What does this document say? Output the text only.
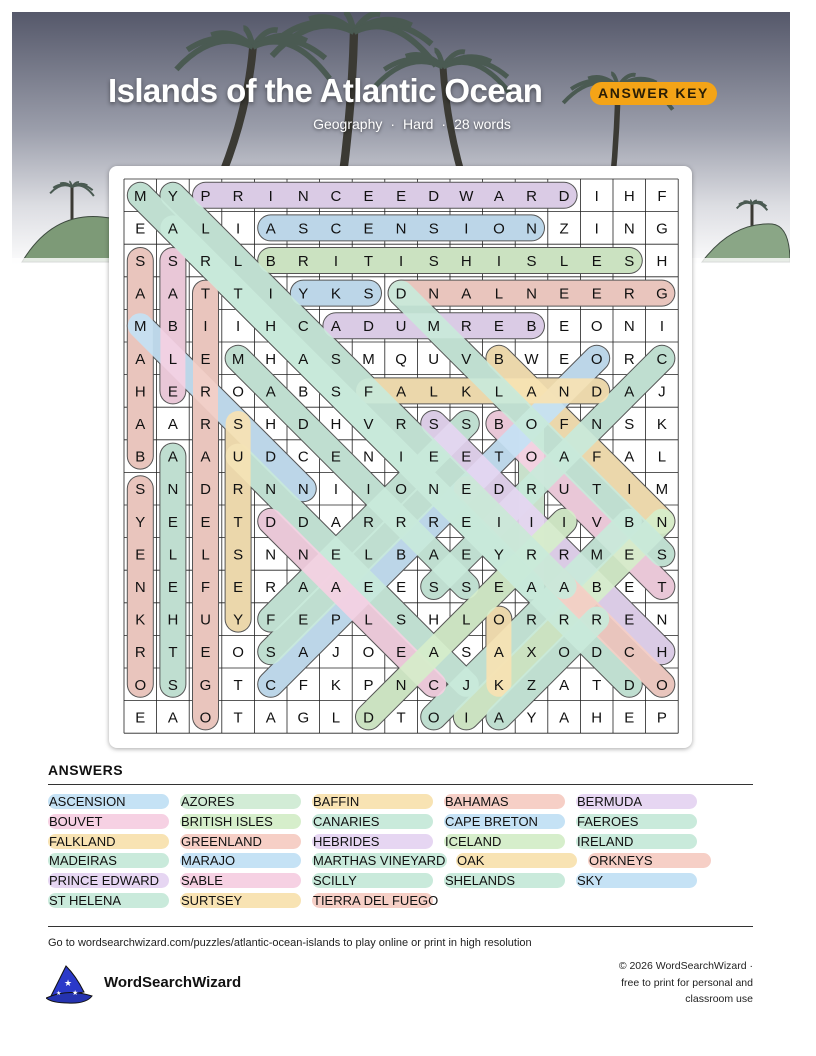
Islands of the Atlantic Ocean	ANSWER KEY
Geography · Hard · 28 words
M Y P R I N C E E D W A R D I H F
E A L I A S C E N S I O N Z I N G
S S R L B R I T I S H I S L E S H
A A T T I Y K S D N A L N E E R G
M B I I H C A D U M R E B E O N I
A L E M H A S M Q U V B W E O R C
H E R O A B S F A L K L A N D A J
A A R S H D H V R S S B O F N S K
B A A U D C E N I E E T O A F A L
S N D R N N I I O N E D R U T I M
Y E E T D D A R R R E I I I V B N
E L L S N N E L B A E Y R R M E S
N E F E R A A E E S S E A A B E T
K H U Y F E P L S H L O R R R E N
R T E O S A J O E A S A X O D C H
O S G T C F K P N C J K Z A T D O
E A O T A G L D T O I A Y A H E P
ANSWERS
ASCENSION
BOUVET
FALKLAND
MADEIRAS
PRINCE EDWARD
ST HELENA
AZORES
BRITISH ISLES
GREENLAND
MARAJO
SABLE
SURTSEY
BAFFIN
CANARIES
HEBRIDES
MARTHAS VINEYARD
SCILLY
TIERRA DEL FUEGO
BAHAMAS
CAPE BRETON
ICELAND
OAK
SHELANDS
BERMUDA
FAEROES
IRELAND
ORKNEYS
SKY
Go to wordsearchwizard.com/puzzles/atlantic-ocean-islands to play online or print in high resolution
★
★
★
WordSearchWizard
© 2026 WordSearchWizard ·
free to print for personal and
classroom use
